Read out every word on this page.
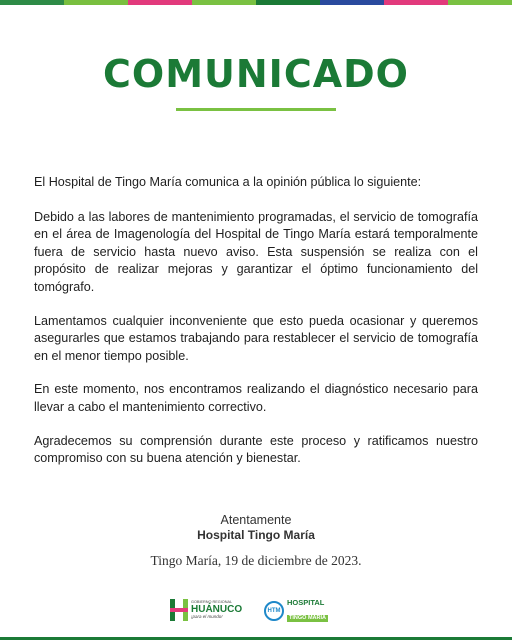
COMUNICADO

El Hospital de Tingo María comunica a la opinión pública lo siguiente:

Debido a las labores de mantenimiento programadas, el servicio de tomografía en el área de Imagenología del Hospital de Tingo María estará temporalmente fuera de servicio hasta nuevo aviso. Esta suspensión se realiza con el propósito de realizar mejoras y garantizar el óptimo funcionamiento del tomógrafo.

Lamentamos cualquier inconveniente que esto pueda ocasionar y queremos asegurarles que estamos trabajando para restablecer el servicio de tomografía en el menor tiempo posible.

En este momento, nos encontramos realizando el diagnóstico necesario para llevar a cabo el mantenimiento correctivo.

Agradecemos su comprensión durante este proceso y ratificamos nuestro compromiso con su buena atención y bienestar.

Atentamente
Hospital Tingo María
Tingo María, 19 de diciembre de 2023.
GOBIERNO REGIONAL
HUÁNUCO
¡para el mundo!
HTM
HOSPITAL
TINGO MARÍA
